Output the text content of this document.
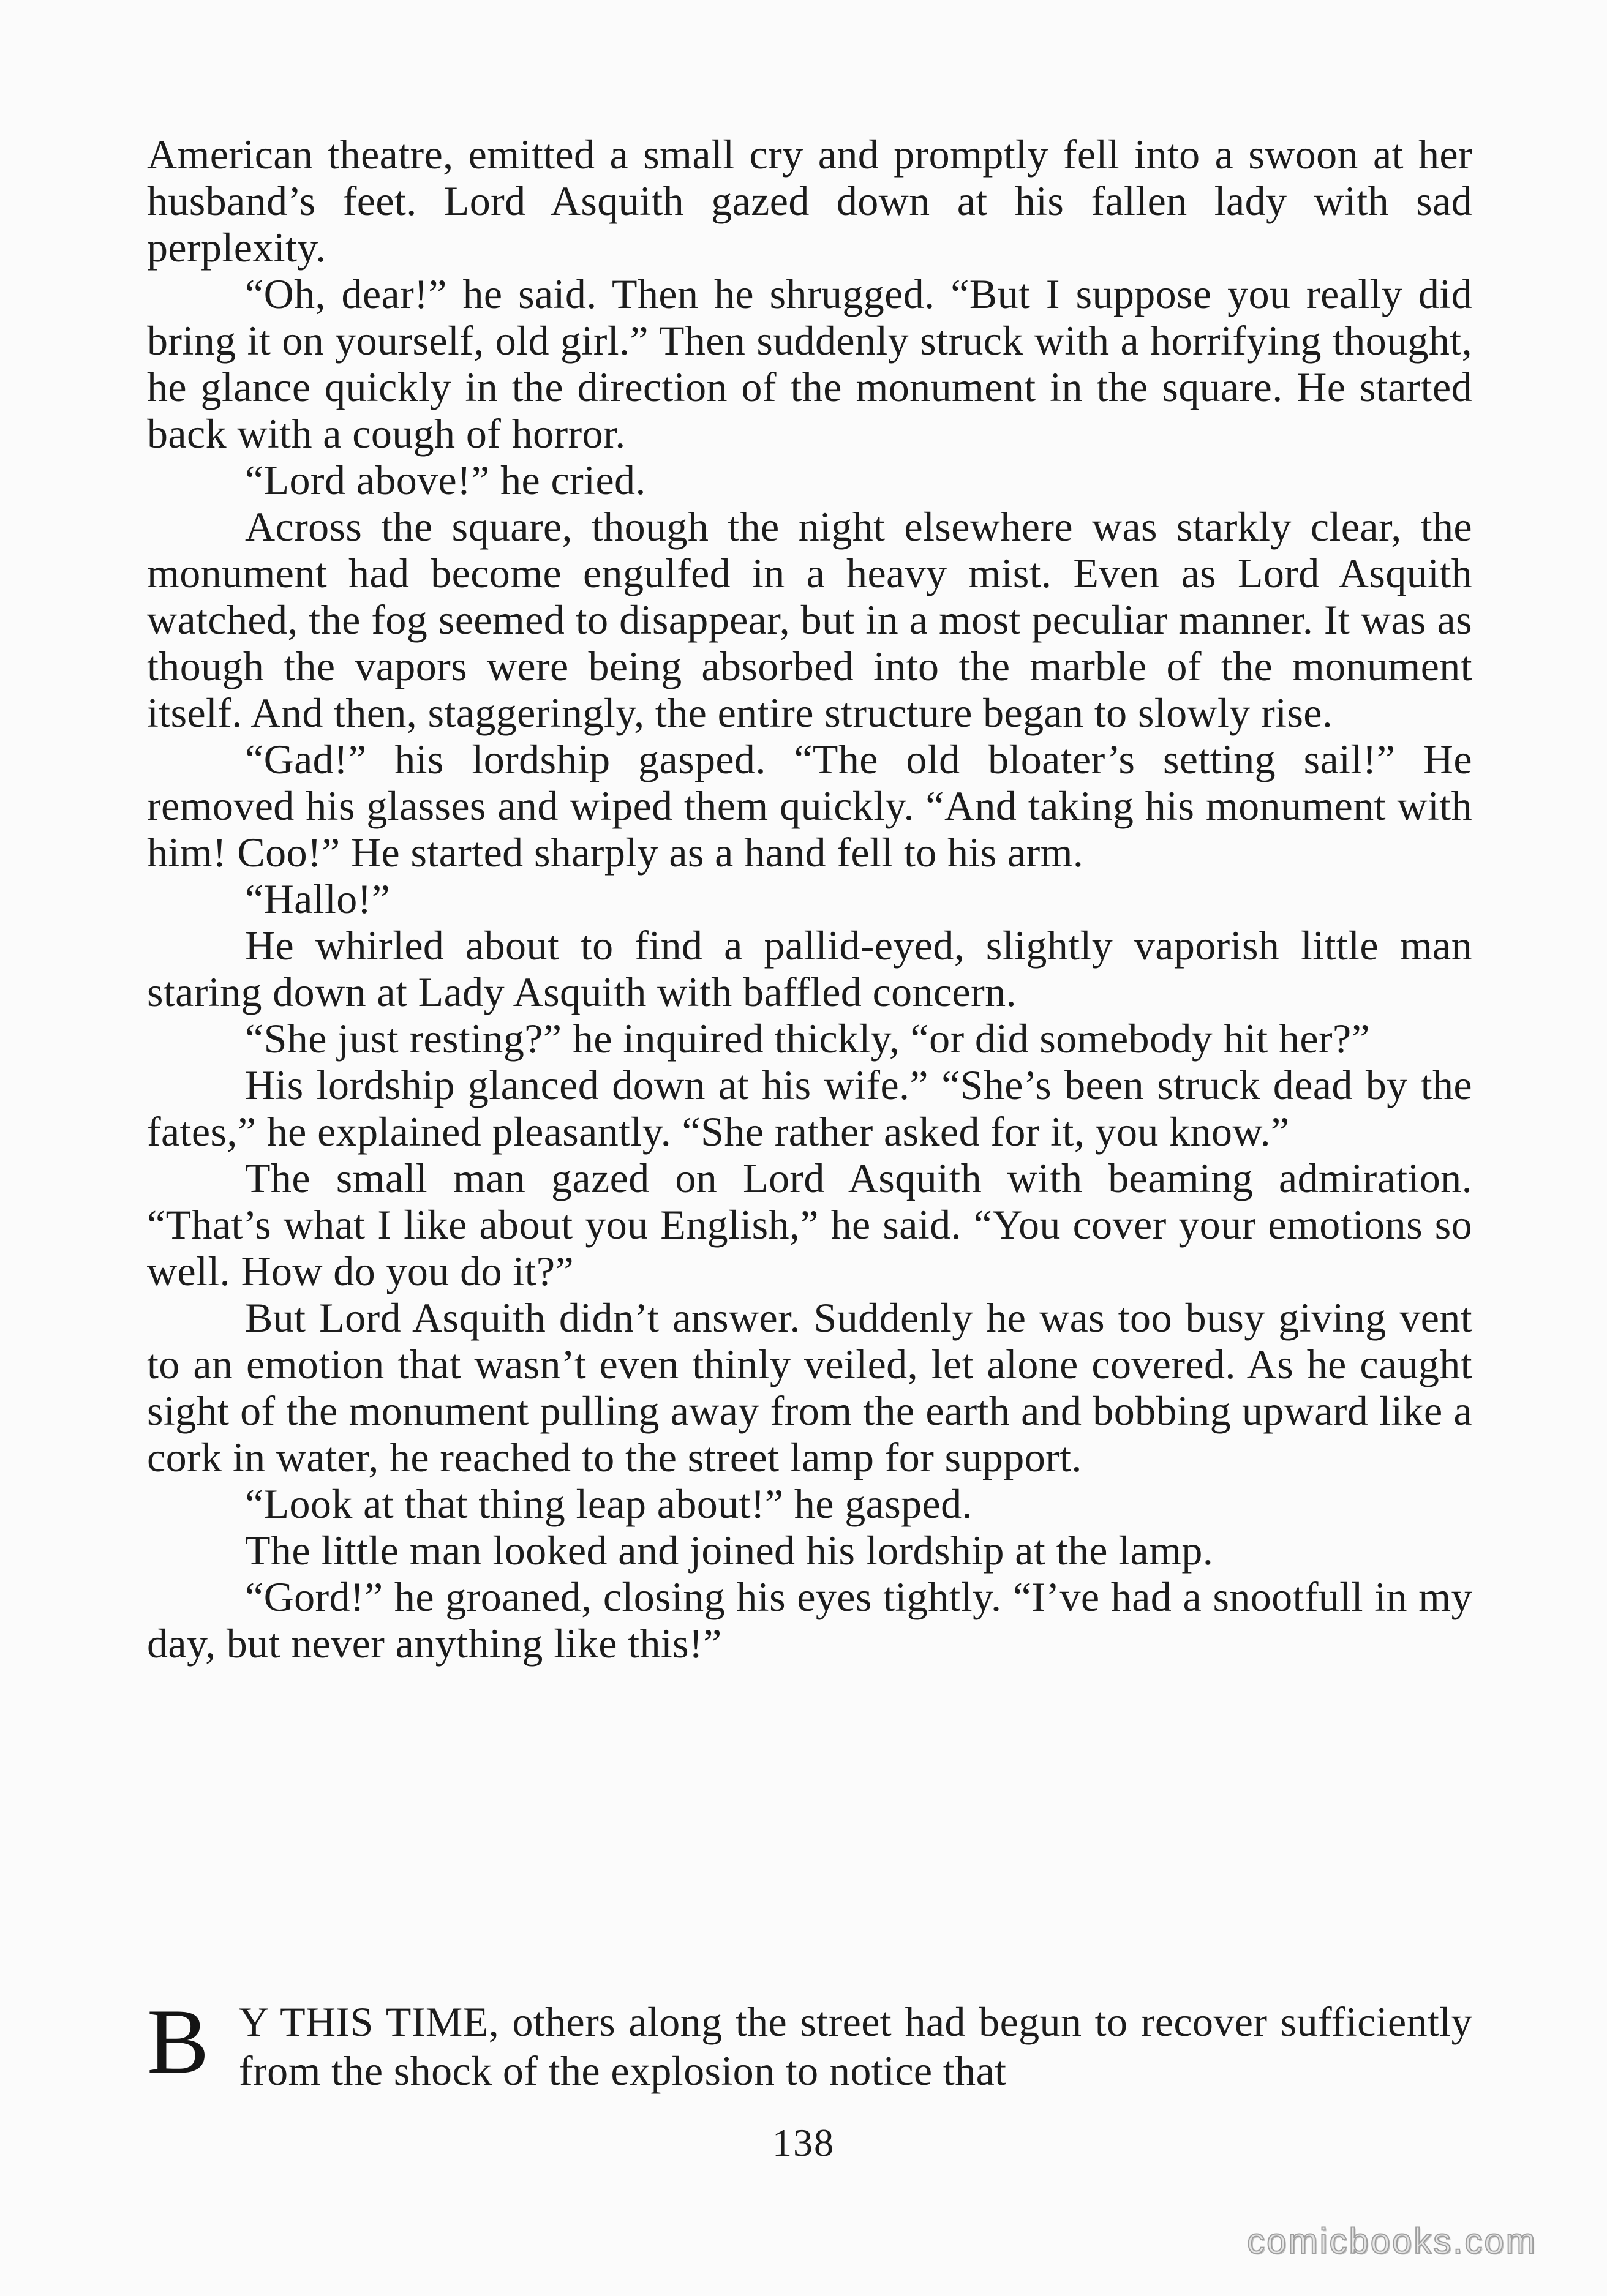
American theatre, emitted a small cry and promptly fell into a swoon at her husband’s feet. Lord Asquith gazed down at his fallen lady with sad perplexity.

“Oh, dear!” he said. Then he shrugged. “But I suppose you really did bring it on yourself, old girl.” Then suddenly struck with a horrifying thought, he glance quickly in the direction of the monument in the square. He started back with a cough of horror.

“Lord above!” he cried.

Across the square, though the night elsewhere was starkly clear, the monument had become engulfed in a heavy mist. Even as Lord Asquith watched, the fog seemed to disappear, but in a most peculiar manner. It was as though the vapors were being absorbed into the marble of the monument itself. And then, staggeringly, the entire structure began to slowly rise.

“Gad!” his lordship gasped. “The old bloater’s setting sail!” He removed his glasses and wiped them quickly. “And taking his monument with him! Coo!” He started sharply as a hand fell to his arm.

“Hallo!”

He whirled about to find a pallid-eyed, slightly vaporish little man staring down at Lady Asquith with baffled concern.

“She just resting?” he inquired thickly, “or did somebody hit her?”

His lordship glanced down at his wife.” “She’s been struck dead by the fates,” he explained pleasantly. “She rather asked for it, you know.”

The small man gazed on Lord Asquith with beaming admiration. “That’s what I like about you English,” he said. “You cover your emotions so well. How do you do it?”

But Lord Asquith didn’t answer. Suddenly he was too busy giving vent to an emotion that wasn’t even thinly veiled, let alone covered. As he caught sight of the monument pulling away from the earth and bobbing upward like a cork in water, he reached to the street lamp for support.

“Look at that thing leap about!” he gasped.

The little man looked and joined his lordship at the lamp.

“Gord!” he groaned, closing his eyes tightly. “I’ve had a snootfull in my day, but never anything like this!”

B Y THIS TIME, others along the street had begun to recover sufficiently from the shock of the explosion to notice that

138
comicbooks.com
